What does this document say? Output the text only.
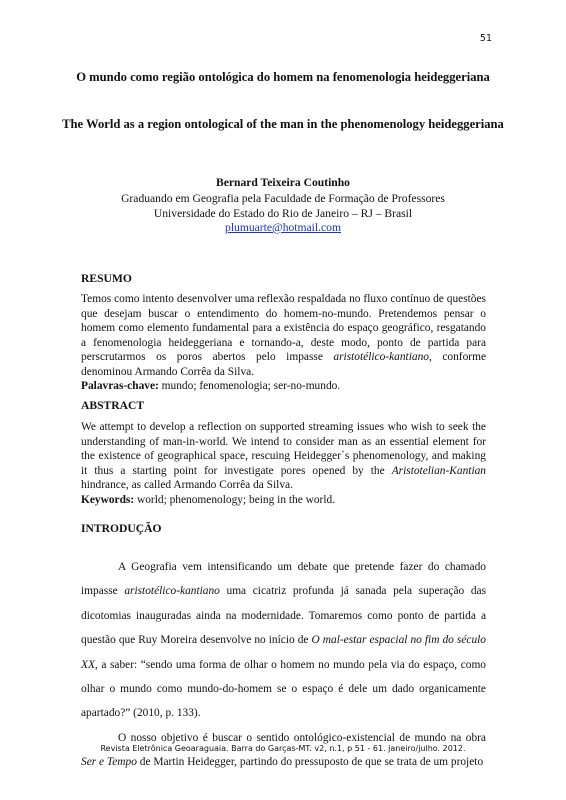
51
O mundo como região ontológica do homem na fenomenologia heideggeriana
The World as a region ontological of the man in the phenomenology heideggeriana
Bernard Teixeira Coutinho
Graduando em Geografia pela Faculdade de Formação de Professores
Universidade do Estado do Rio de Janeiro – RJ – Brasil
plumuarte@hotmail.com
RESUMO
Temos como intento desenvolver uma reflexão respaldada no fluxo contínuo de questões que desejam buscar o entendimento do homem-no-mundo. Pretendemos pensar o homem como elemento fundamental para a existência do espaço geográfico, resgatando a fenomenologia heideggeriana e tornando-a, deste modo, ponto de partida para perscrutarmos os poros abertos pelo impasse aristotélico-kantiano, conforme denominou Armando Corrêa da Silva.

Palavras-chave: mundo; fenomenologia; ser-no-mundo.

ABSTRACT
We attempt to develop a reflection on supported streaming issues who wish to seek the understanding of man-in-world. We intend to consider man as an essential element for the existence of geographical space, rescuing Heidegger´s phenomenology, and making it thus a starting point for investigate pores opened by the Aristotelian-Kantian hindrance, as called Armando Corrêa da Silva.

Keywords: world; phenomenology; being in the world.

INTRODUÇÃO

A Geografia vem intensificando um debate que pretende fazer do chamado impasse aristotélico-kantiano uma cicatriz profunda já sanada pela superação das dicotomias inauguradas ainda na modernidade. Tomaremos como ponto de partida a questão que Ruy Moreira desenvolve no início de O mal-estar espacial no fim do século XX, a saber: “sendo uma forma de olhar o homem no mundo pela via do espaço, como olhar o mundo como mundo-do-homem se o espaço é dele um dado organicamente apartado?” (2010, p. 133).

O nosso objetivo é buscar o sentido ontológico-existencial de mundo na obra Ser e Tempo de Martin Heidegger, partindo do pressuposto de que se trata de um projeto

Revista Eletrônica Geoaraguaia. Barra do Garças-MT. v2, n.1, p 51 - 61. janeiro/julho. 2012.
